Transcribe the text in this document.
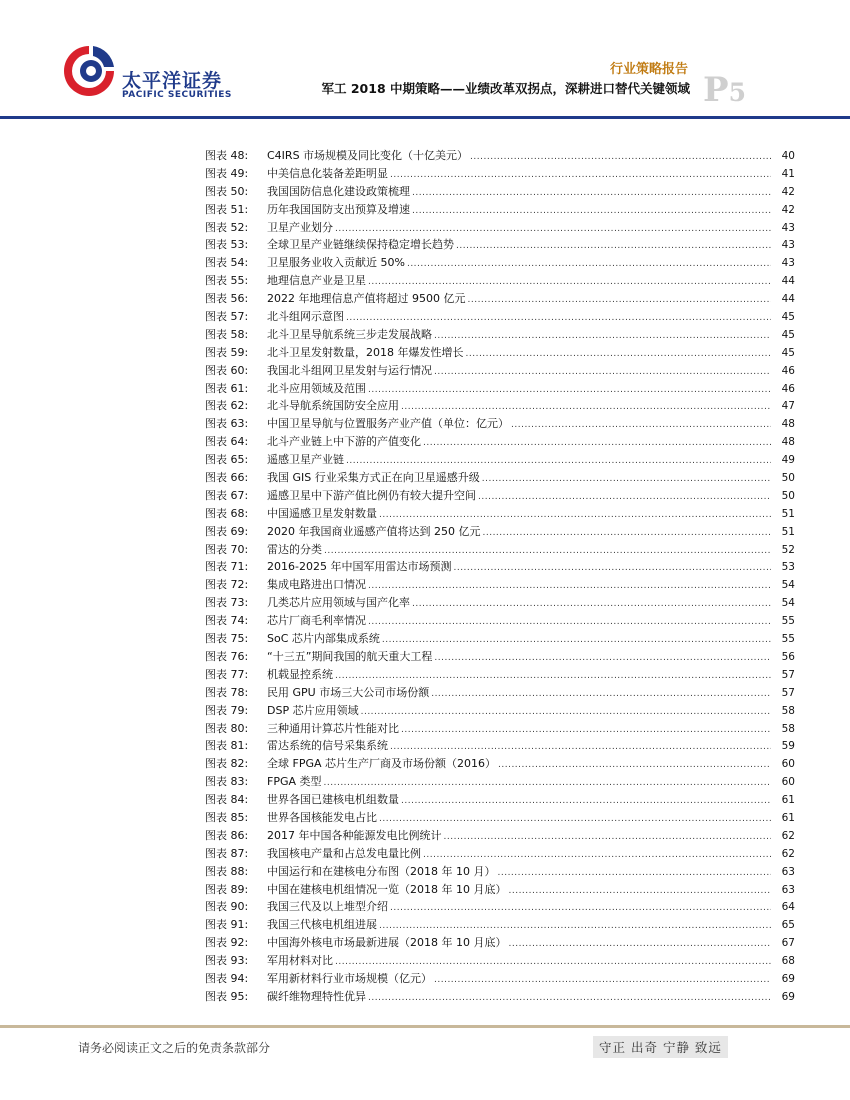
太平洋证券
PACIFIC SECURITIES
行业策略报告
军工 2018 中期策略——业绩改革双拐点，深耕进口替代关键领域 P5
图表 48:	C4IRS 市场规模及同比变化（十亿美元） .....	40
图表 49:	中美信息化装备差距明显 .....	41
图表 50:	我国国防信息化建设政策梳理 .....	42
图表 51:	历年我国国防支出预算及增速 .....	42
图表 52:	卫星产业划分 .....	43
图表 53:	全球卫星产业链继续保持稳定增长趋势 .....	43
图表 54:	卫星服务业收入贡献近 50% .....	43
图表 55:	地理信息产业是卫星 .....	44
图表 56:	2022 年地理信息产值将超过 9500 亿元 .....	44
图表 57:	北斗组网示意图 .....	45
图表 58:	北斗卫星导航系统三步走发展战略 .....	45
图表 59:	北斗卫星发射数量，2018 年爆发性增长 .....	45
图表 60:	我国北斗组网卫星发射与运行情况 .....	46
图表 61:	北斗应用领域及范围 .....	46
图表 62:	北斗导航系统国防安全应用 .....	47
图表 63:	中国卫星导航与位置服务产业产值（单位：亿元） .....	48
图表 64:	北斗产业链上中下游的产值变化 .....	48
图表 65:	遥感卫星产业链 .....	49
图表 66:	我国 GIS 行业采集方式正在向卫星遥感升级 .....	50
图表 67:	遥感卫星中下游产值比例仍有较大提升空间 .....	50
图表 68:	中国遥感卫星发射数量 .....	51
图表 69:	2020 年我国商业遥感产值将达到 250 亿元 .....	51
图表 70:	雷达的分类 .....	52
图表 71:	2016-2025 年中国军用雷达市场预测 .....	53
图表 72:	集成电路进出口情况 .....	54
图表 73:	几类芯片应用领域与国产化率 .....	54
图表 74:	芯片厂商毛利率情况 .....	55
图表 75:	SoC 芯片内部集成系统 .....	55
图表 76:	“十三五”期间我国的航天重大工程 .....	56
图表 77:	机载显控系统 .....	57
图表 78:	民用 GPU 市场三大公司市场份额 .....	57
图表 79:	DSP 芯片应用领域 .....	58
图表 80:	三种通用计算芯片性能对比 .....	58
图表 81:	雷达系统的信号采集系统 .....	59
图表 82:	全球 FPGA 芯片生产厂商及市场份额（2016） .....	60
图表 83:	FPGA 类型 .....	60
图表 84:	世界各国已建核电机组数量 .....	61
图表 85:	世界各国核能发电占比 .....	61
图表 86:	2017 年中国各种能源发电比例统计 .....	62
图表 87:	我国核电产量和占总发电量比例 .....	62
图表 88:	中国运行和在建核电分布图（2018 年 10 月） .....	63
图表 89:	中国在建核电机组情况一览（2018 年 10 月底） .....	63
图表 90:	我国三代及以上堆型介绍 .....	64
图表 91:	我国三代核电机组进展 .....	65
图表 92:	中国海外核电市场最新进展（2018 年 10 月底） .....	67
图表 93:	军用材料对比 .....	68
图表 94:	军用新材料行业市场规模（亿元） .....	69
图表 95:	碳纤维物理特性优异 .....	69
请务必阅读正文之后的免责条款部分	守正 出奇 宁静 致远
